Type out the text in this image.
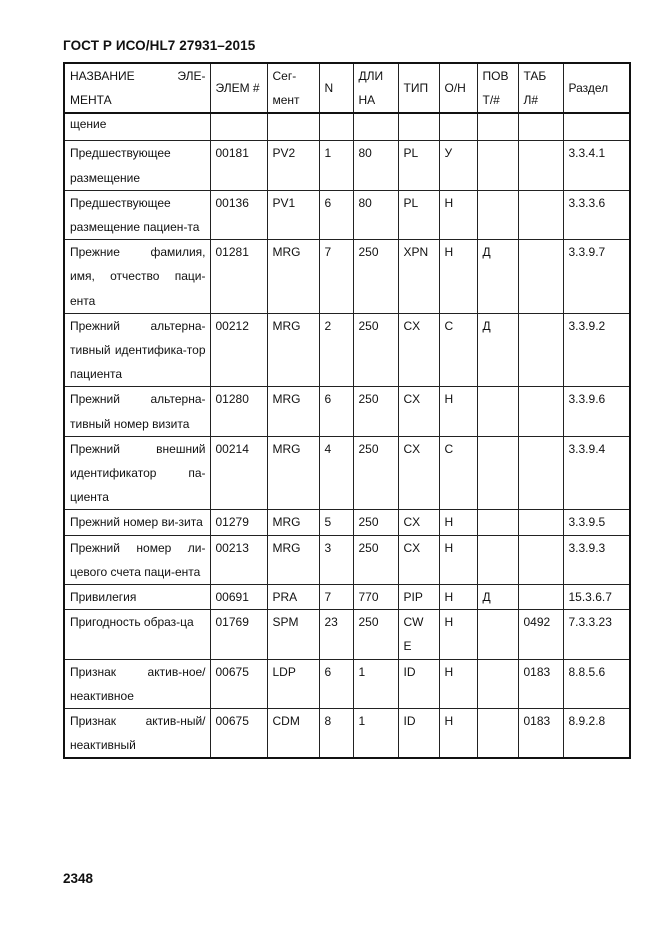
ГОСТ Р ИСО/HL7 27931–2015
НАЗВАНИЕ ЭЛЕ-МЕНТА	ЭЛЕМ #	Сег-мент	N	ДЛИ НА	ТИП	О/Н	ПОВ Т/#	ТАБ Л#	Раздел
щение									
Предшествующее размещение	00181	PV2	1	80	PL	У			3.3.4.1
Предшествующее размещение пациен-та	00136	PV1	6	80	PL	Н			3.3.3.6
Прежние фамилия, имя, отчество паци-ента	01281	MRG	7	250	XPN	Н	Д		3.3.9.7
Прежний альтерна-тивный идентифика-тор пациента	00212	MRG	2	250	CX	С	Д		3.3.9.2
Прежний альтерна-тивный номер визита	01280	MRG	6	250	CX	Н			3.3.9.6
Прежний внешний идентификатор па-циента	00214	MRG	4	250	CX	С			3.3.9.4
Прежний номер ви-зита	01279	MRG	5	250	CX	Н			3.3.9.5
Прежний номер ли-цевого счета паци-ента	00213	MRG	3	250	CX	Н			3.3.9.3
Привилегия	00691	PRA	7	770	PIP	Н	Д		15.3.6.7
Пригодность образ-ца	01769	SPM	23	250	CW E	Н		0492	7.3.3.23
Признак актив-ное/неактивное	00675	LDP	6	1	ID	Н		0183	8.8.5.6
Признак актив-ный/неактивный	00675	CDM	8	1	ID	Н		0183	8.9.2.8
2348
